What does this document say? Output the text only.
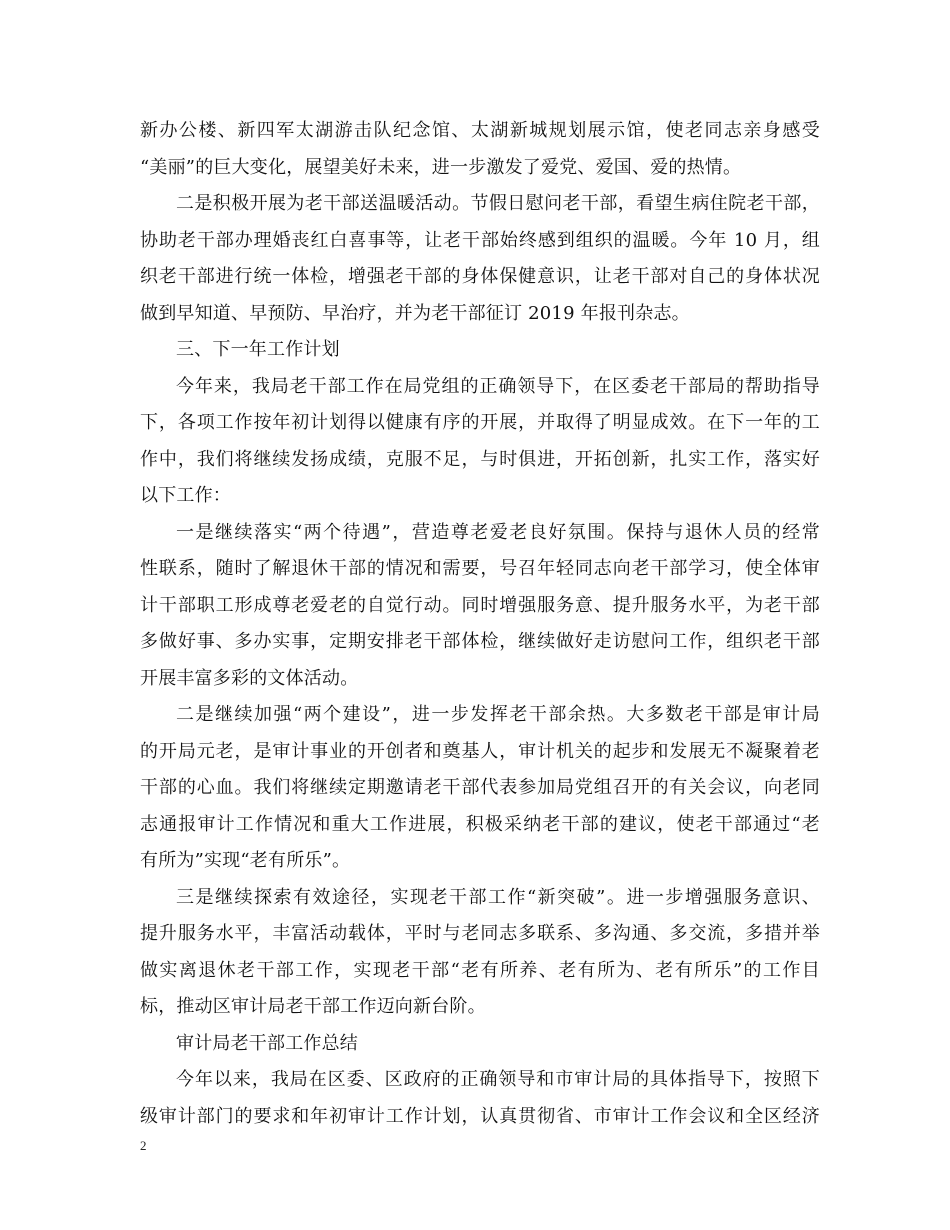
新办公楼、新四军太湖游击队纪念馆、太湖新城规划展示馆，使老同志亲身感受
“美丽”的巨大变化，展望美好未来，进一步激发了爱党、爱国、爱的热情。
二是积极开展为老干部送温暖活动。节假日慰问老干部，看望生病住院老干部，
协助老干部办理婚丧红白喜事等，让老干部始终感到组织的温暖。今年 10 月，组
织老干部进行统一体检，增强老干部的身体保健意识，让老干部对自己的身体状况
做到早知道、早预防、早治疗，并为老干部征订 2019 年报刊杂志。
三、下一年工作计划
今年来，我局老干部工作在局党组的正确领导下，在区委老干部局的帮助指导
下，各项工作按年初计划得以健康有序的开展，并取得了明显成效。在下一年的工
作中，我们将继续发扬成绩，克服不足，与时俱进，开拓创新，扎实工作，落实好
以下工作：
一是继续落实“两个待遇”，营造尊老爱老良好氛围。保持与退休人员的经常
性联系，随时了解退休干部的情况和需要，号召年轻同志向老干部学习，使全体审
计干部职工形成尊老爱老的自觉行动。同时增强服务意、提升服务水平，为老干部
多做好事、多办实事，定期安排老干部体检，继续做好走访慰问工作，组织老干部
开展丰富多彩的文体活动。
二是继续加强“两个建设”，进一步发挥老干部余热。大多数老干部是审计局
的开局元老，是审计事业的开创者和奠基人，审计机关的起步和发展无不凝聚着老
干部的心血。我们将继续定期邀请老干部代表参加局党组召开的有关会议，向老同
志通报审计工作情况和重大工作进展，积极采纳老干部的建议，使老干部通过“老
有所为”实现“老有所乐”。
三是继续探索有效途径，实现老干部工作“新突破”。进一步增强服务意识、
提升服务水平，丰富活动载体，平时与老同志多联系、多沟通、多交流，多措并举
做实离退休老干部工作，实现老干部“老有所养、老有所为、老有所乐”的工作目
标，推动区审计局老干部工作迈向新台阶。
审计局老干部工作总结
今年以来，我局在区委、区政府的正确领导和市审计局的具体指导下，按照下
级审计部门的要求和年初审计工作计划，认真贯彻省、市审计工作会议和全区经济
2
